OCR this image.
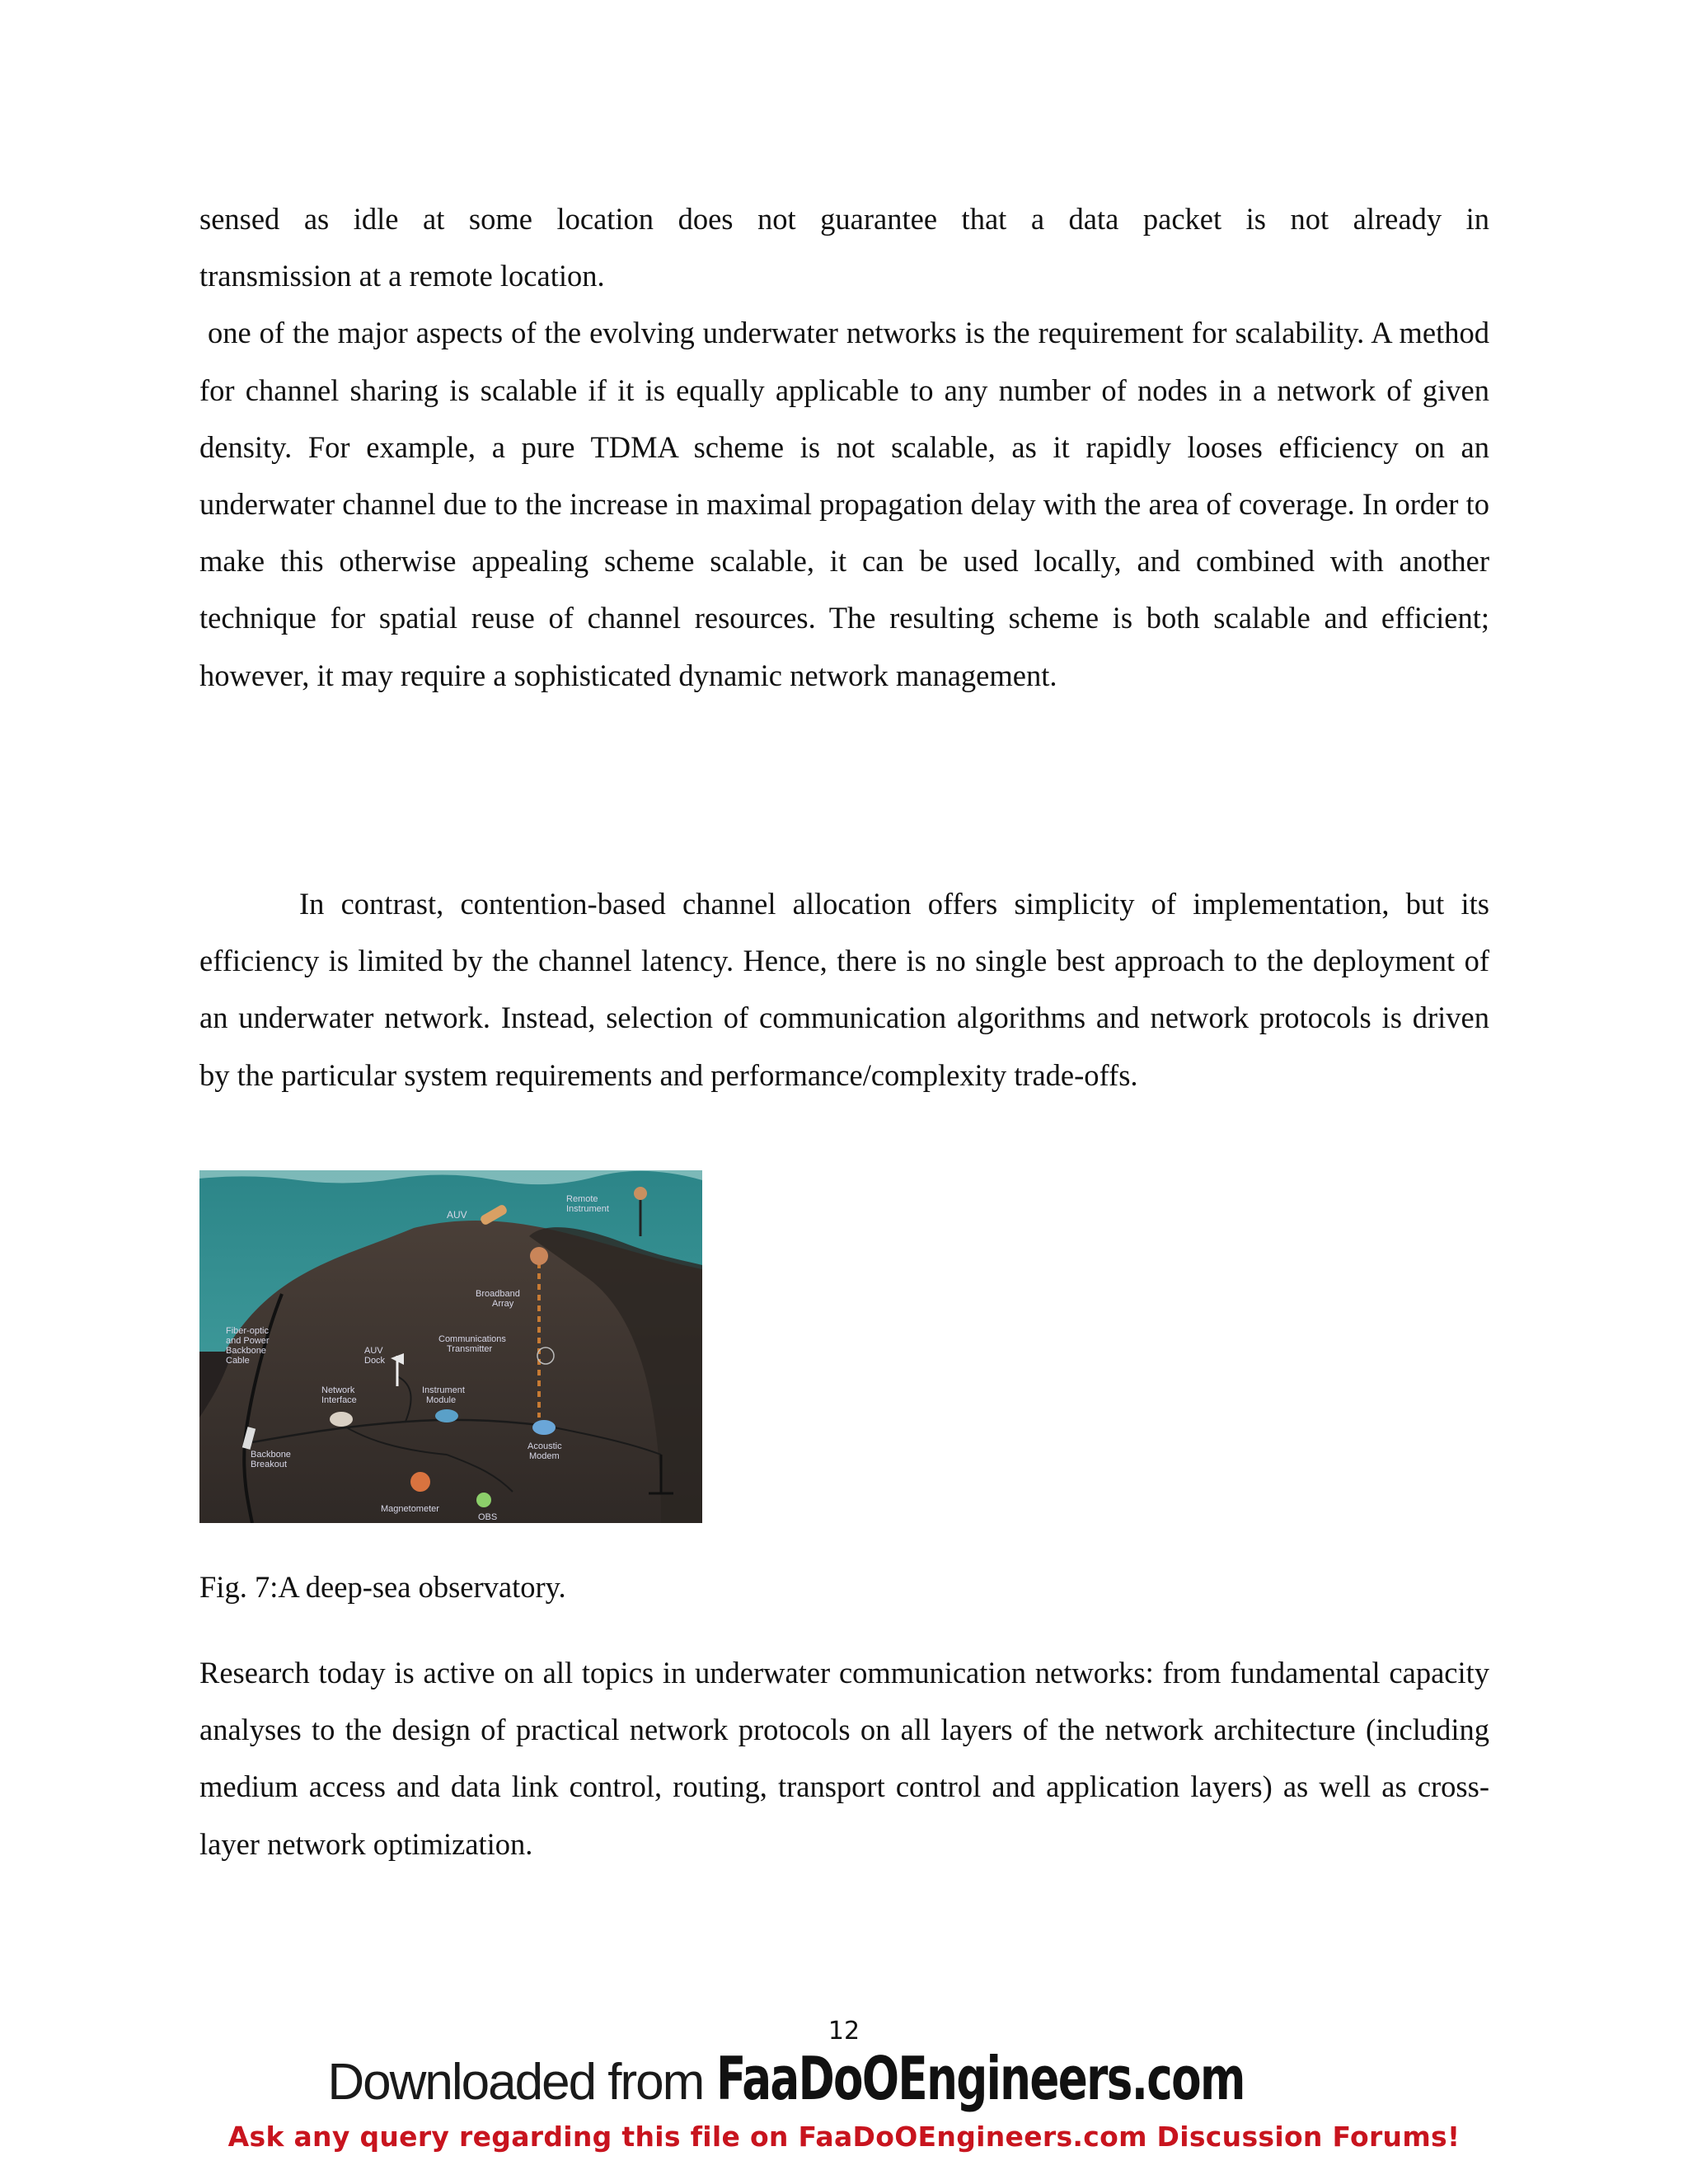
sensed as idle at some location does not guarantee that a data packet is not already in

transmission at a remote location.

one of the major aspects of the evolving underwater networks is the requirement for scalability. A method for channel sharing is scalable if it is equally applicable to any number of nodes in a network of given density. For example, a pure TDMA scheme is not scalable, as it rapidly looses efficiency on an underwater channel due to the increase in maximal propagation delay with the area of coverage. In order to make this otherwise appealing scheme scalable, it can be used locally, and combined with another technique for spatial reuse of channel resources. The resulting scheme is both scalable and efficient; however, it may require a sophisticated dynamic network management.

In contrast, contention-based channel allocation offers simplicity of implementation, but its efficiency is limited by the channel latency. Hence, there is no single best approach to the deployment of an underwater network. Instead, selection of communication algorithms and network protocols is driven by the particular system requirements and performance/complexity trade-offs.

AUV
Remote
Instrument
Broadband
Array
Fiber-optic
and Power
Backbone
Cable
Communications
Transmitter
AUV
Dock
Network
Interface
Instrument
Module
Backbone
Breakout
Acoustic
Modem
Magnetometer
OBS

Fig. 7:A deep-sea observatory.

Research today is active on all topics in underwater communication networks: from fundamental capacity analyses to the design of practical network protocols on all layers of the network architecture (including medium access and data link control, routing, transport control and application layers) as well as cross-layer network optimization.

12
Downloaded from FaaDoOEngineers.com
Ask any query regarding this file on FaaDoOEngineers.com Discussion Forums!
